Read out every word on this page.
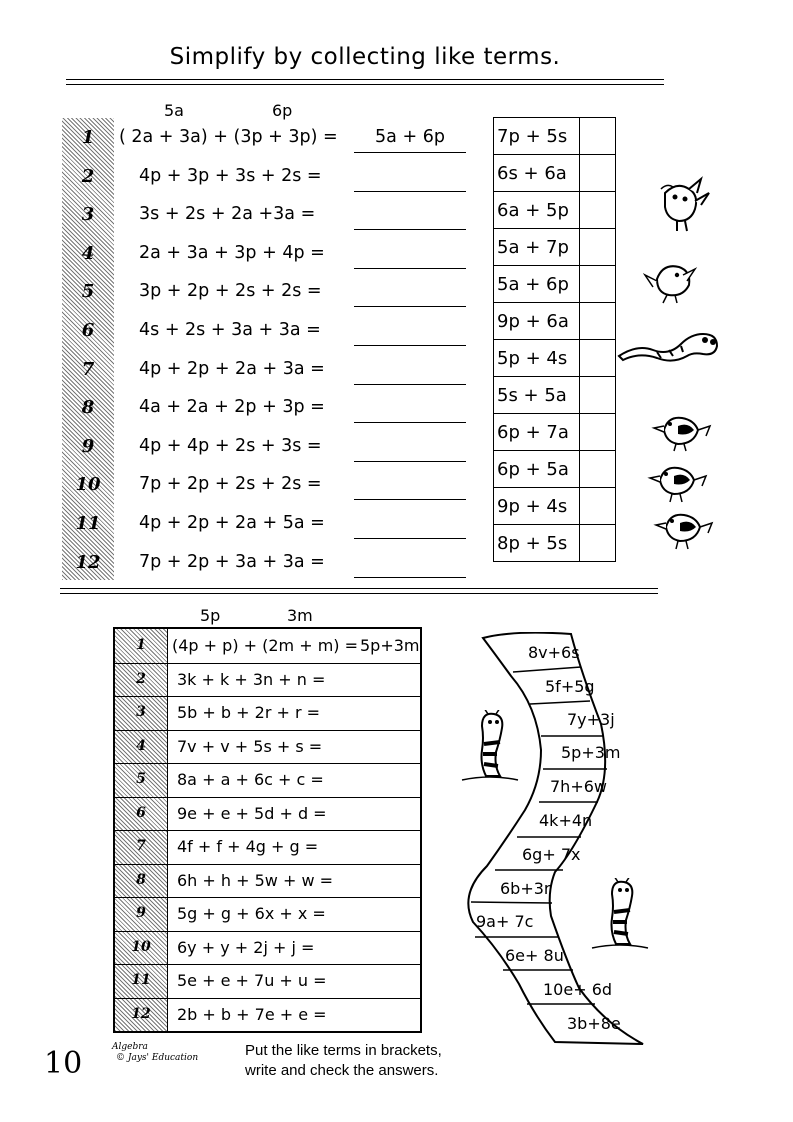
Simplify by collecting like terms.
5a	6p
1	( 2a + 3a) + (3p + 3p) =	5a + 6p
2	4p + 3p + 3s + 2s =
3	3s + 2s + 2a +3a =
4	2a + 3a + 3p + 4p =
5	3p + 2p + 2s + 2s =
6	4s + 2s + 3a + 3a =
7	4p + 2p + 2a + 3a =
8	4a + 2a + 2p + 3p =
9	4p + 4p + 2s + 3s =
10	7p + 2p + 2s + 2s =
11	4p + 2p + 2a + 5a =
12	7p + 2p + 3a + 3a =
7p + 5s	
6s + 6a	
6a + 5p	
5a + 7p	
5a + 6p	
9p + 6a	
5p + 4s	
5s + 5a	
6p + 7a	
6p + 5a	
9p + 4s	
8p + 5s	
5p	3m
1	(4p + p) + (2m + m) = 5p+3m
2	3k + k + 3n + n =
3	5b + b + 2r + r =
4	7v + v + 5s + s =
5	8a + a + 6c + c =
6	9e + e + 5d + d =
7	4f + f + 4g + g =
8	6h + h + 5w + w =
9	5g + g + 6x + x =
10	6y + y + 2j + j =
11	5e + e + 7u + u =
12	2b + b + 7e + e =
8v+6s
5f+5g
7y+3j
5p+3m
7h+6w
4k+4n
6g+ 7x
6b+3r
9a+ 7c
6e+ 8u
10e+ 6d
3b+8e
10	Algebra
© Jays' Education	Put the like terms in brackets,
write and check the answers.
